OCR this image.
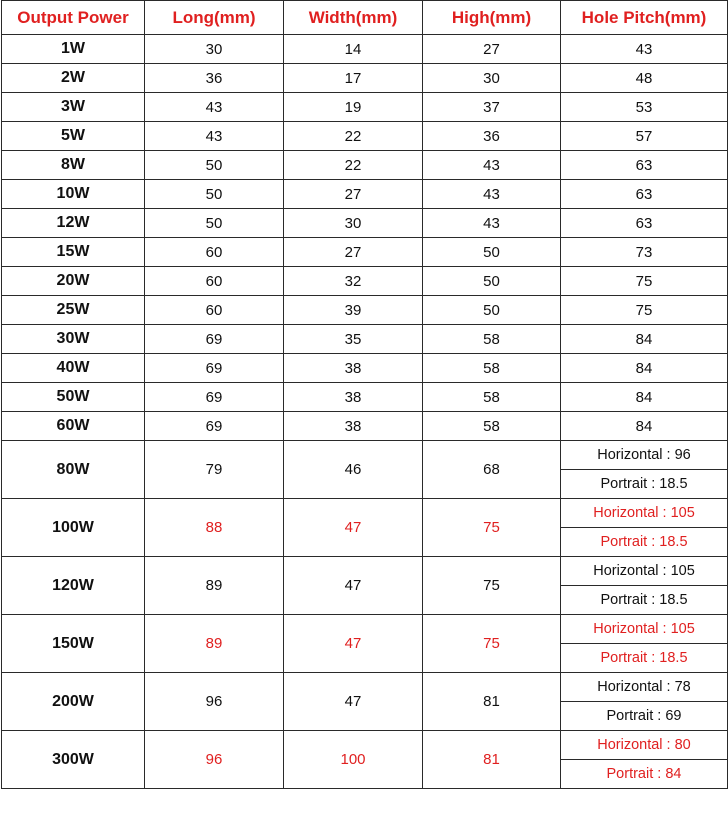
Output Power	Long(mm)	Width(mm)	High(mm)	Hole Pitch(mm)
1W	30	14	27	43
2W	36	17	30	48
3W	43	19	37	53
5W	43	22	36	57
8W	50	22	43	63
10W	50	27	43	63
12W	50	30	43	63
15W	60	27	50	73
20W	60	32	50	75
25W	60	39	50	75
30W	69	35	58	84
40W	69	38	58	84
50W	69	38	58	84
60W	69	38	58	84
80W	79	46	68	Horizontal : 96
				Portrait : 18.5
100W	88	47	75	Horizontal : 105
				Portrait : 18.5
120W	89	47	75	Horizontal : 105
				Portrait : 18.5
150W	89	47	75	Horizontal : 105
				Portrait : 18.5
200W	96	47	81	Horizontal : 78
				Portrait : 69
300W	96	100	81	Horizontal : 80
				Portrait : 84
